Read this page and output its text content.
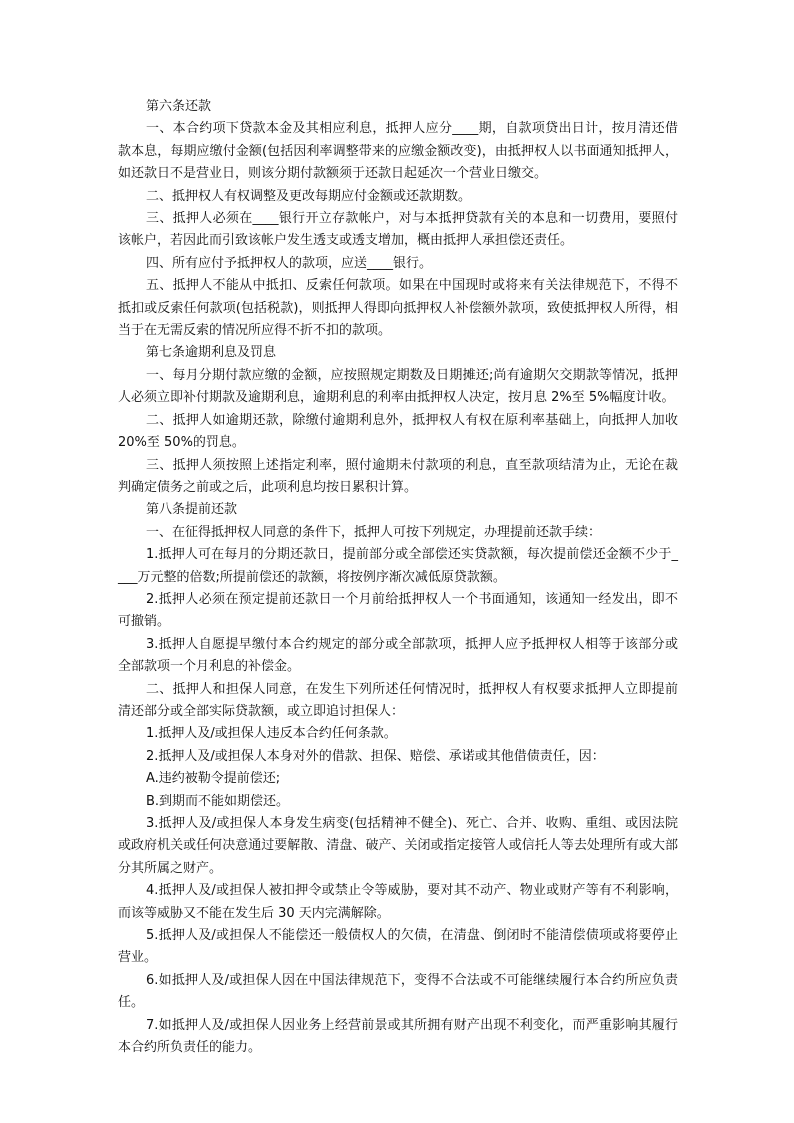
第六条还款

一、本合约项下贷款本金及其相应利息，抵押人应分____期，自款项贷出日计，按月清还借款本息，每期应缴付金额(包括因利率调整带来的应缴金额改变)，由抵押权人以书面通知抵押人，如还款日不是营业日，则该分期付款额须于还款日起延次一个营业日缴交。

二、抵押权人有权调整及更改每期应付金额或还款期数。

三、抵押人必须在____银行开立存款帐户，对与本抵押贷款有关的本息和一切费用，要照付该帐户，若因此而引致该帐户发生透支或透支增加，概由抵押人承担偿还责任。

四、所有应付予抵押权人的款项，应送____银行。

五、抵押人不能从中抵扣、反索任何款项。如果在中国现时或将来有关法律规范下，不得不抵扣或反索任何款项(包括税款)，则抵押人得即向抵押权人补偿额外款项，致使抵押权人所得，相当于在无需反索的情况所应得不折不扣的款项。

第七条逾期利息及罚息

一、每月分期付款应缴的金额，应按照规定期数及日期摊还;尚有逾期欠交期款等情况，抵押人必须立即补付期款及逾期利息，逾期利息的利率由抵押权人决定，按月息 2%至 5%幅度计收。

二、抵押人如逾期还款，除缴付逾期利息外，抵押权人有权在原利率基础上，向抵押人加收 20%至 50%的罚息。

三、抵押人须按照上述指定利率，照付逾期未付款项的利息，直至款项结清为止，无论在裁判确定债务之前或之后，此项利息均按日累积计算。

第八条提前还款

一、在征得抵押权人同意的条件下，抵押人可按下列规定，办理提前还款手续：

1.抵押人可在每月的分期还款日，提前部分或全部偿还实贷款额，每次提前偿还金额不少于____万元整的倍数;所提前偿还的款额，将按例序渐次减低原贷款额。

2.抵押人必须在预定提前还款日一个月前给抵押权人一个书面通知，该通知一经发出，即不可撤销。

3.抵押人自愿提早缴付本合约规定的部分或全部款项，抵押人应予抵押权人相等于该部分或全部款项一个月利息的补偿金。

二、抵押人和担保人同意，在发生下列所述任何情况时，抵押权人有权要求抵押人立即提前清还部分或全部实际贷款额，或立即追讨担保人：

1.抵押人及/或担保人违反本合约任何条款。

2.抵押人及/或担保人本身对外的借款、担保、赔偿、承诺或其他借债责任，因：

A.违约被勒令提前偿还;

B.到期而不能如期偿还。

3.抵押人及/或担保人本身发生病变(包括精神不健全)、死亡、合并、收购、重组、或因法院或政府机关或任何决意通过要解散、清盘、破产、关闭或指定接管人或信托人等去处理所有或大部分其所属之财产。

4.抵押人及/或担保人被扣押令或禁止令等威胁，要对其不动产、物业或财产等有不利影响，而该等威胁又不能在发生后 30 天内完满解除。

5.抵押人及/或担保人不能偿还一般债权人的欠债，在清盘、倒闭时不能清偿债项或将要停止营业。

6.如抵押人及/或担保人因在中国法律规范下，变得不合法或不可能继续履行本合约所应负责任。

7.如抵押人及/或担保人因业务上经营前景或其所拥有财产出现不利变化，而严重影响其履行本合约所负责任的能力。
